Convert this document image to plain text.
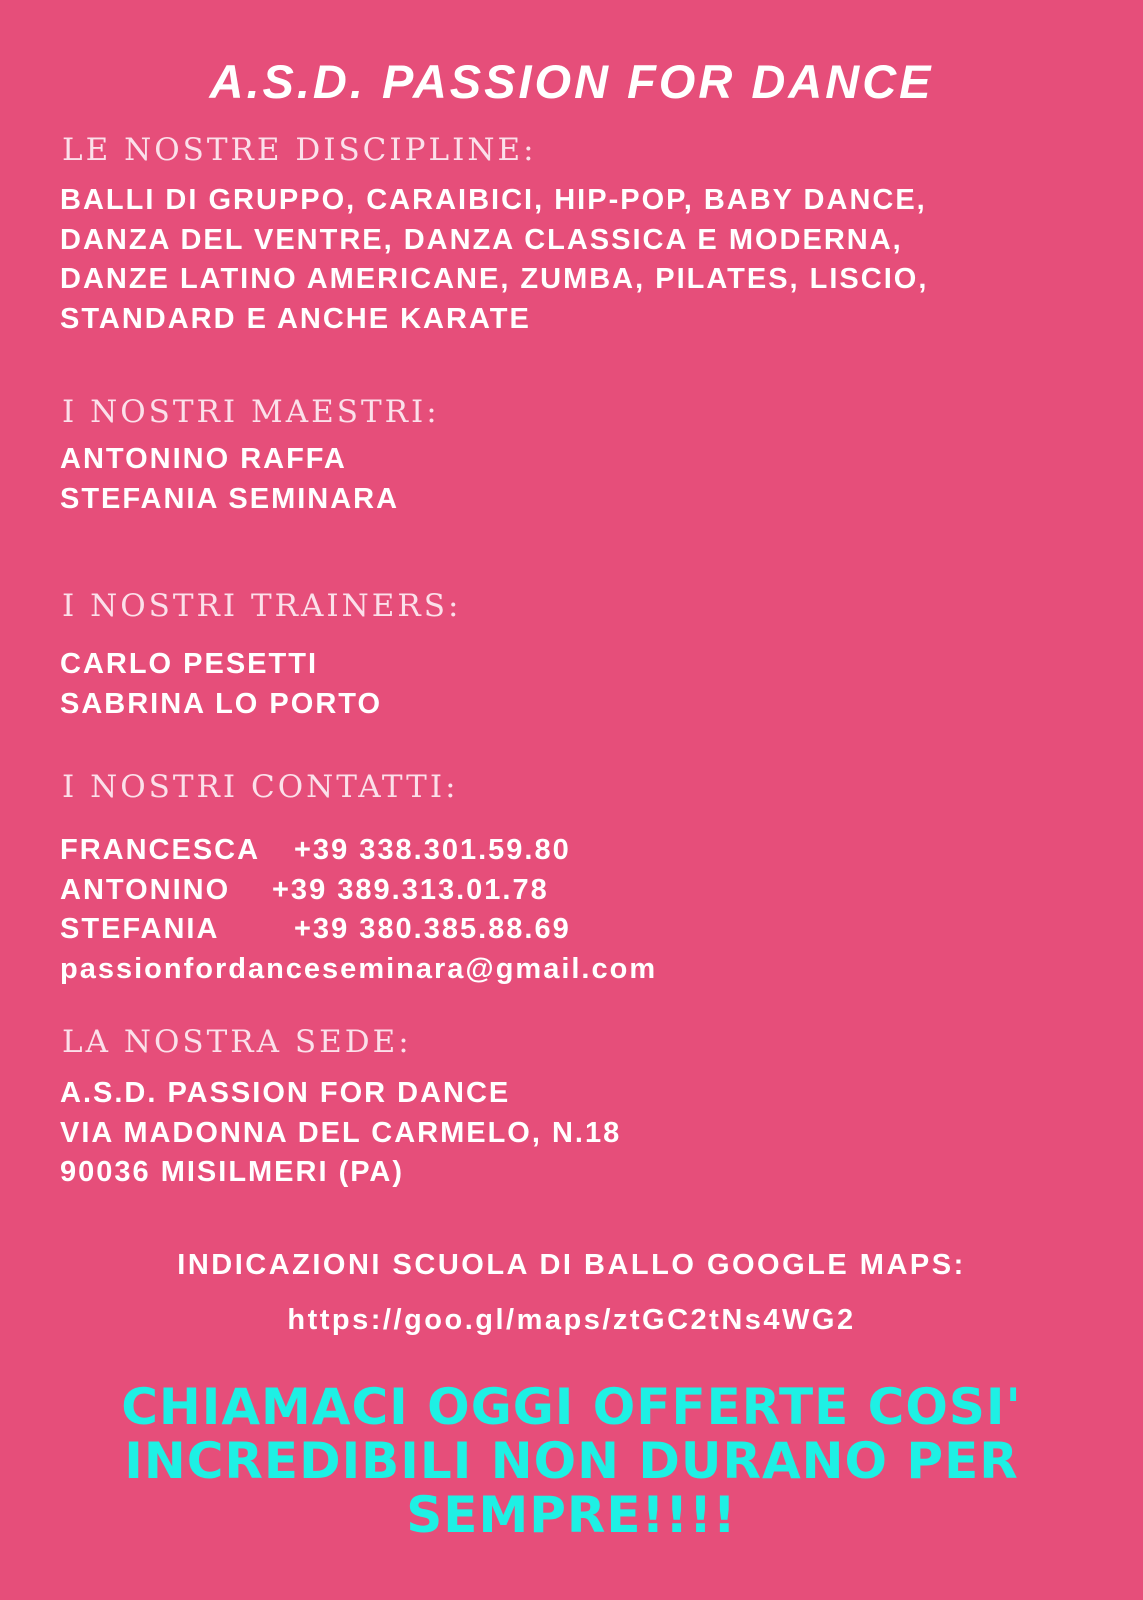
A.S.D. PASSION FOR DANCE
LE NOSTRE DISCIPLINE:
BALLI DI GRUPPO, CARAIBICI, HIP-POP, BABY DANCE,
DANZA DEL VENTRE, DANZA CLASSICA E MODERNA,
DANZE LATINO AMERICANE, ZUMBA, PILATES, LISCIO,
STANDARD E ANCHE KARATE
I NOSTRI MAESTRI:
ANTONINO RAFFA
STEFANIA SEMINARA
I NOSTRI TRAINERS:
CARLO PESETTI
SABRINA LO PORTO
I NOSTRI CONTATTI:
FRANCESCA +39 338.301.59.80
ANTONINO +39 389.313.01.78
STEFANIA	+39 380.385.88.69
passionfordanceseminara@gmail.com
LA NOSTRA SEDE:
A.S.D. PASSION FOR DANCE
VIA MADONNA DEL CARMELO, N.18
90036 MISILMERI (PA)
INDICAZIONI SCUOLA DI BALLO GOOGLE MAPS:
https://goo.gl/maps/ztGC2tNs4WG2
CHIAMACI OGGI OFFERTE COSI'
INCREDIBILI NON DURANO PER
SEMPRE!!!!
